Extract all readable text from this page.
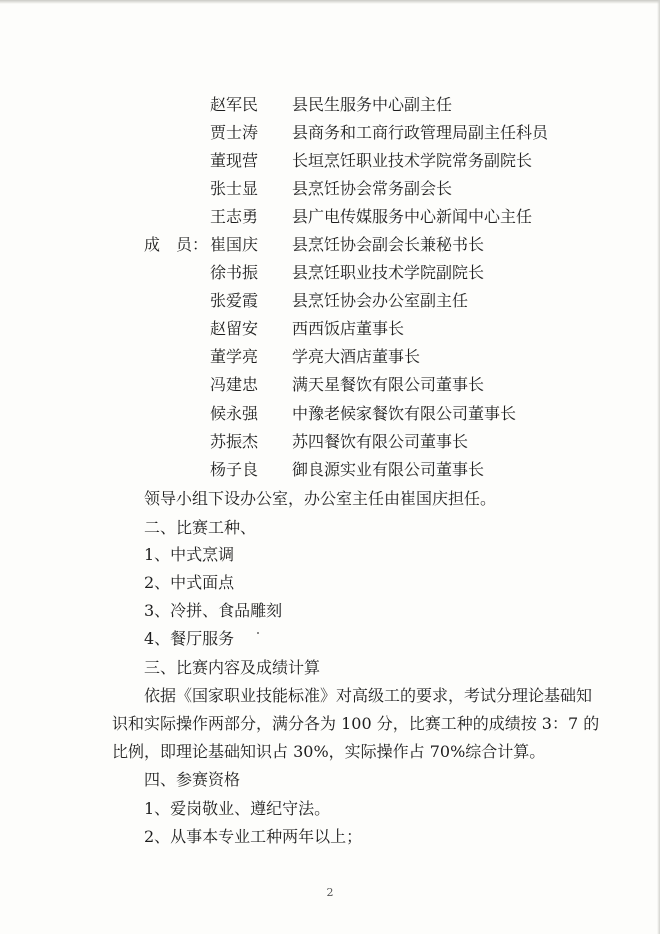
赵军民 县民生服务中心副主任
贾士涛 县商务和工商行政管理局副主任科员
董现营 长垣烹饪职业技术学院常务副院长
张士显 县烹饪协会常务副会长
王志勇 县广电传媒服务中心新闻中心主任
成　员： 崔国庆 县烹饪协会副会长兼秘书长
徐书振 县烹饪职业技术学院副院长
张爱霞 县烹饪协会办公室副主任
赵留安 西西饭店董事长
董学亮 学亮大酒店董事长
冯建忠 满天星餐饮有限公司董事长
候永强 中豫老候家餐饮有限公司董事长
苏振杰 苏四餐饮有限公司董事长
杨子良 御良源实业有限公司董事长
领导小组下设办公室，办公室主任由崔国庆担任。
二、比赛工种、
1、中式烹调
2、中式面点
3、冷拼、食品雕刻
4、餐厅服务
三、比赛内容及成绩计算
依据《国家职业技能标准》对高级工的要求，考试分理论基础知
识和实际操作两部分，满分各为 100 分，比赛工种的成绩按 3：7 的
比例，即理论基础知识占 30%，实际操作占 70%综合计算。
四、参赛资格
1、爱岗敬业、遵纪守法。
2、从事本专业工种两年以上；
2
